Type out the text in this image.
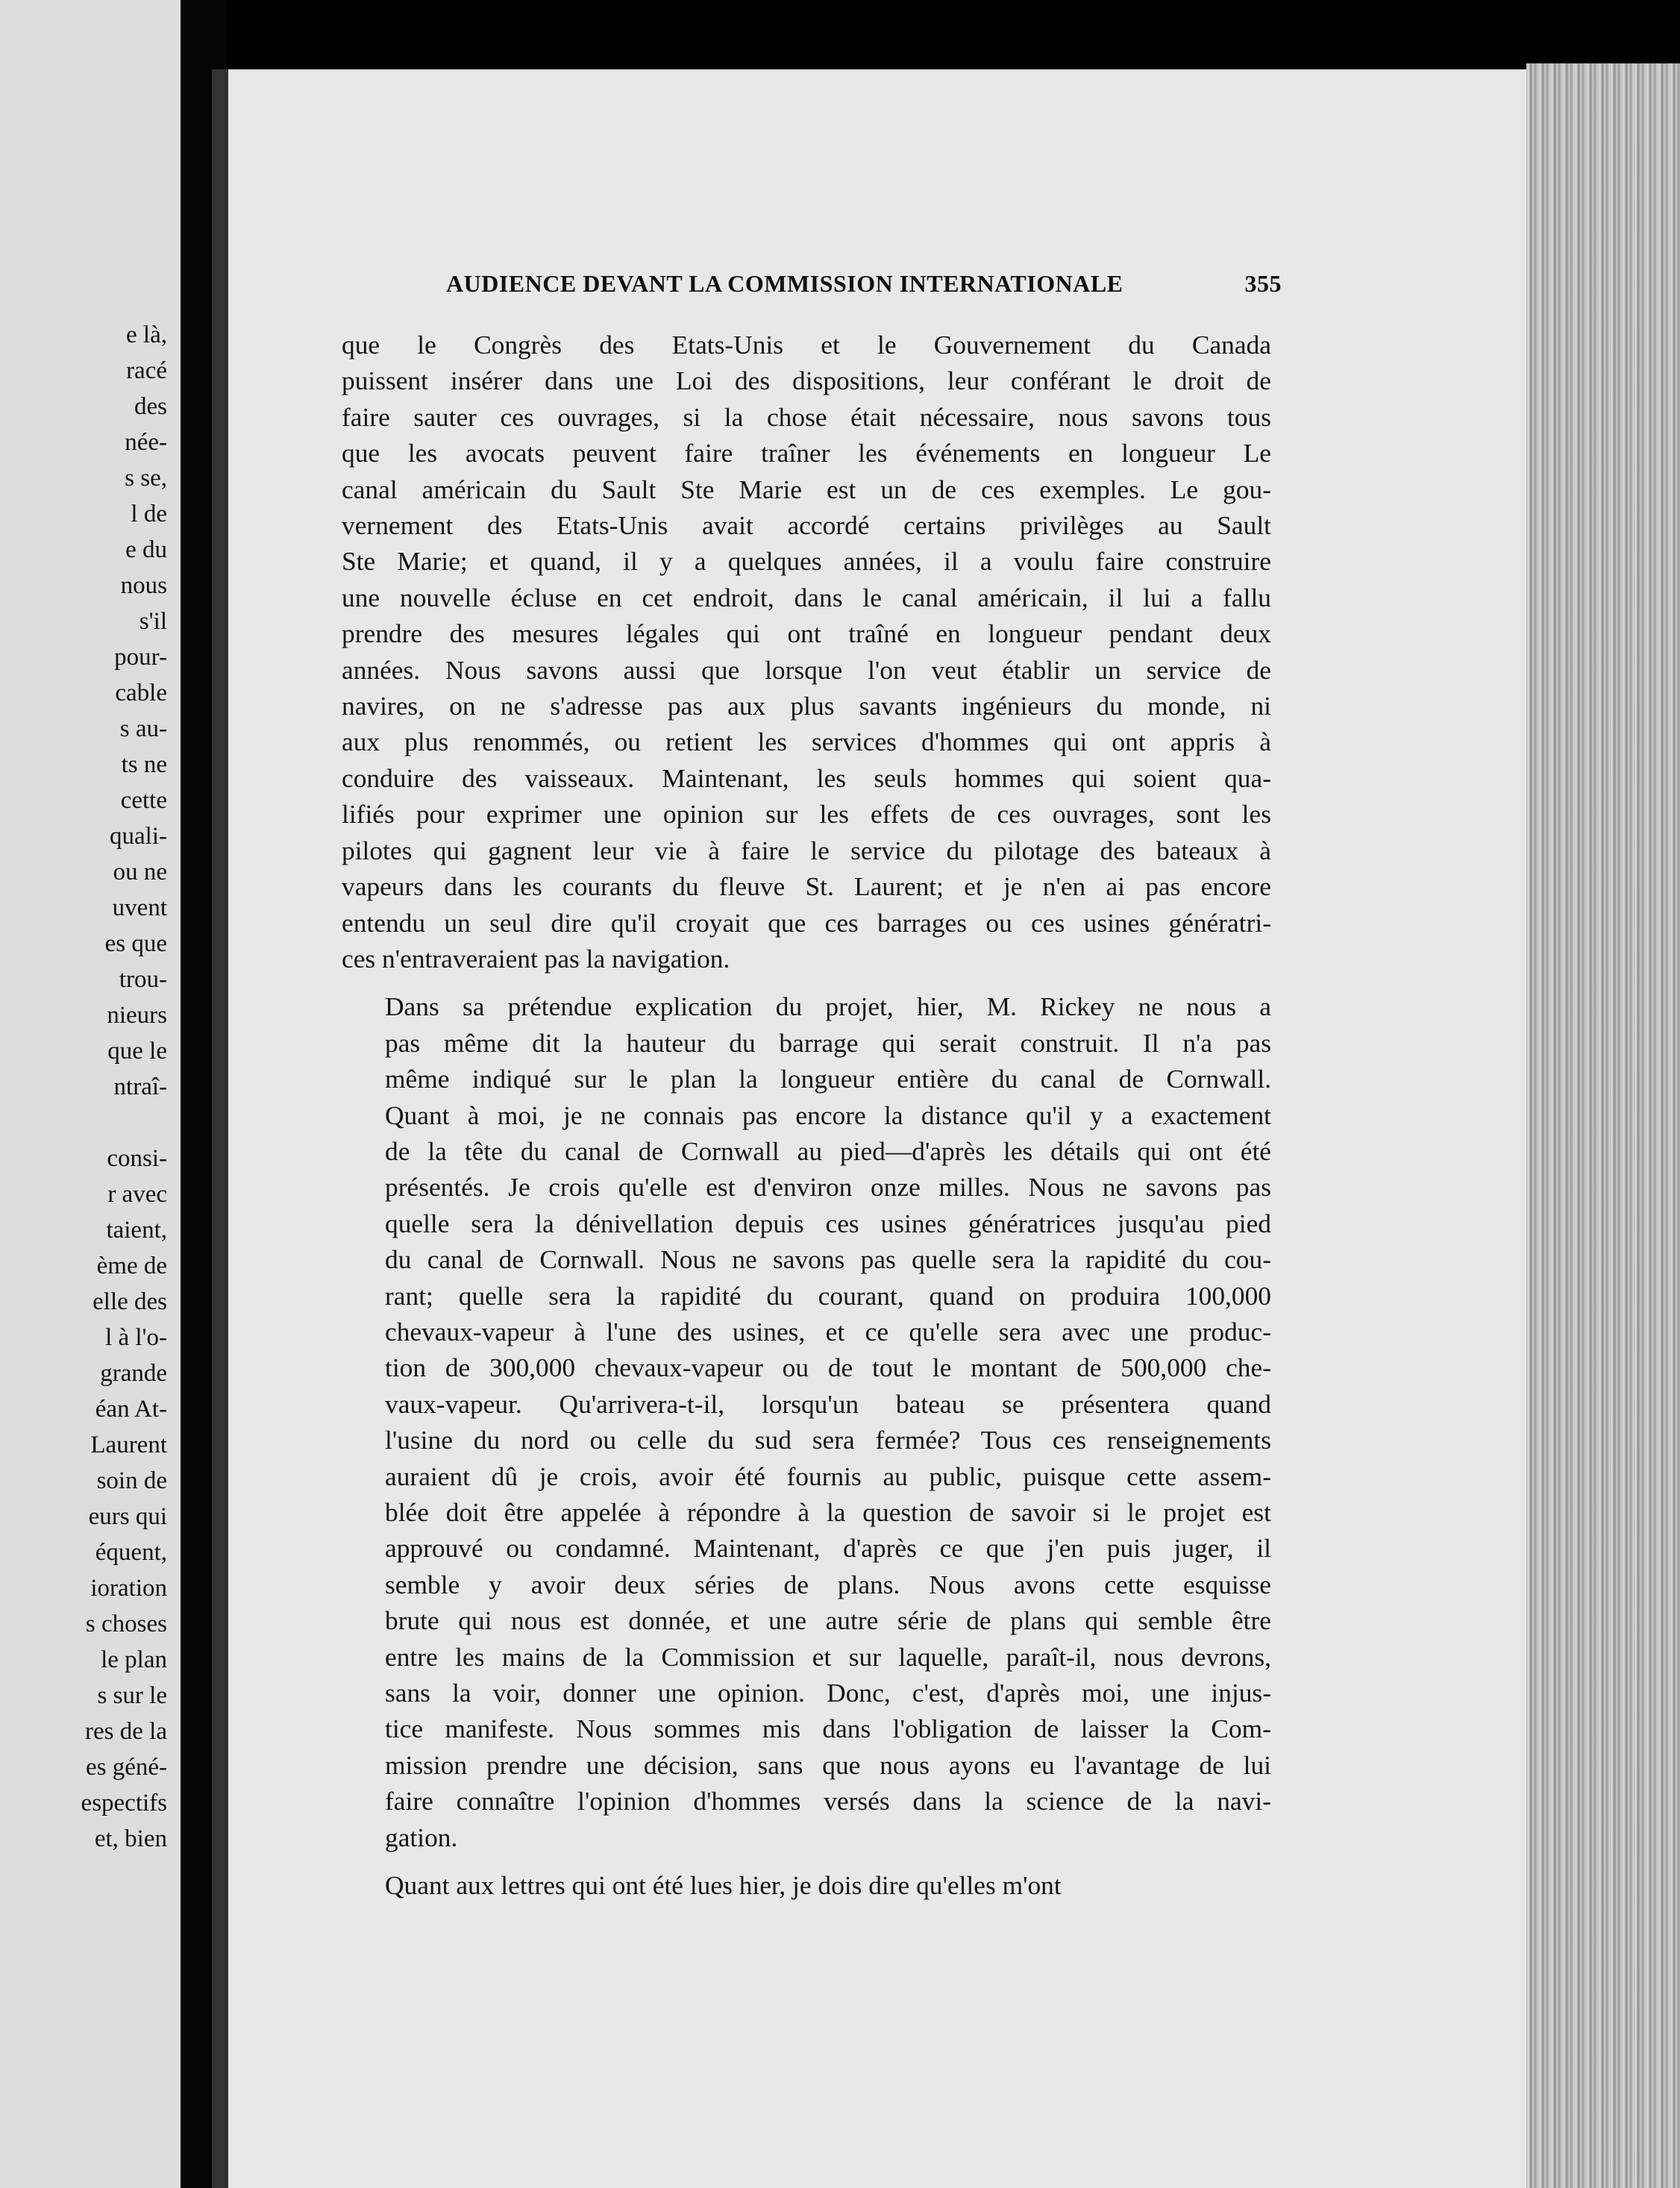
e là,
racé
des
née-
s se,
l de
e du
nous
s'il
pour-
cable
s au-
ts ne
cette
quali-
ou ne
uvent
es que
trou-
nieurs
que le
ntraî-

consi-
r avec
taient,
ème de
elle des
l à l'o-
grande
éan At-
Laurent
soin de
eurs qui
équent,
ioration
s choses
le plan
s sur le
res de la
es géné-
espectifs
et, bien
AUDIENCE DEVANT LA COMMISSION INTERNATIONALE	355

que le Congrès des Etats-Unis et le Gouvernement du Canada
puissent insérer dans une Loi des dispositions, leur conférant le droit de
faire sauter ces ouvrages, si la chose était nécessaire, nous savons tous
que les avocats peuvent faire traîner les événements en longueur Le
canal américain du Sault Ste Marie est un de ces exemples. Le gou-
vernement des Etats-Unis avait accordé certains privilèges au Sault
Ste Marie; et quand, il y a quelques années, il a voulu faire construire
une nouvelle écluse en cet endroit, dans le canal américain, il lui a fallu
prendre des mesures légales qui ont traîné en longueur pendant deux
années. Nous savons aussi que lorsque l'on veut établir un service de
navires, on ne s'adresse pas aux plus savants ingénieurs du monde, ni
aux plus renommés, ou retient les services d'hommes qui ont appris à
conduire des vaisseaux. Maintenant, les seuls hommes qui soient qua-
lifiés pour exprimer une opinion sur les effets de ces ouvrages, sont les
pilotes qui gagnent leur vie à faire le service du pilotage des bateaux à
vapeurs dans les courants du fleuve St. Laurent; et je n'en ai pas encore
entendu un seul dire qu'il croyait que ces barrages ou ces usines génératri-
ces n'entraveraient pas la navigation.

Dans sa prétendue explication du projet, hier, M. Rickey ne nous a
pas même dit la hauteur du barrage qui serait construit. Il n'a pas
même indiqué sur le plan la longueur entière du canal de Cornwall.
Quant à moi, je ne connais pas encore la distance qu'il y a exactement
de la tête du canal de Cornwall au pied—d'après les détails qui ont été
présentés. Je crois qu'elle est d'environ onze milles. Nous ne savons pas
quelle sera la dénivellation depuis ces usines génératrices jusqu'au pied
du canal de Cornwall. Nous ne savons pas quelle sera la rapidité du cou-
rant; quelle sera la rapidité du courant, quand on produira 100,000
chevaux-vapeur à l'une des usines, et ce qu'elle sera avec une produc-
tion de 300,000 chevaux-vapeur ou de tout le montant de 500,000 che-
vaux-vapeur. Qu'arrivera-t-il, lorsqu'un bateau se présentera quand
l'usine du nord ou celle du sud sera fermée? Tous ces renseignements
auraient dû je crois, avoir été fournis au public, puisque cette assem-
blée doit être appelée à répondre à la question de savoir si le projet est
approuvé ou condamné. Maintenant, d'après ce que j'en puis juger, il
semble y avoir deux séries de plans. Nous avons cette esquisse
brute qui nous est donnée, et une autre série de plans qui semble être
entre les mains de la Commission et sur laquelle, paraît-il, nous devrons,
sans la voir, donner une opinion. Donc, c'est, d'après moi, une injus-
tice manifeste. Nous sommes mis dans l'obligation de laisser la Com-
mission prendre une décision, sans que nous ayons eu l'avantage de lui
faire connaître l'opinion d'hommes versés dans la science de la navi-
gation.

Quant aux lettres qui ont été lues hier, je dois dire qu'elles m'ont
